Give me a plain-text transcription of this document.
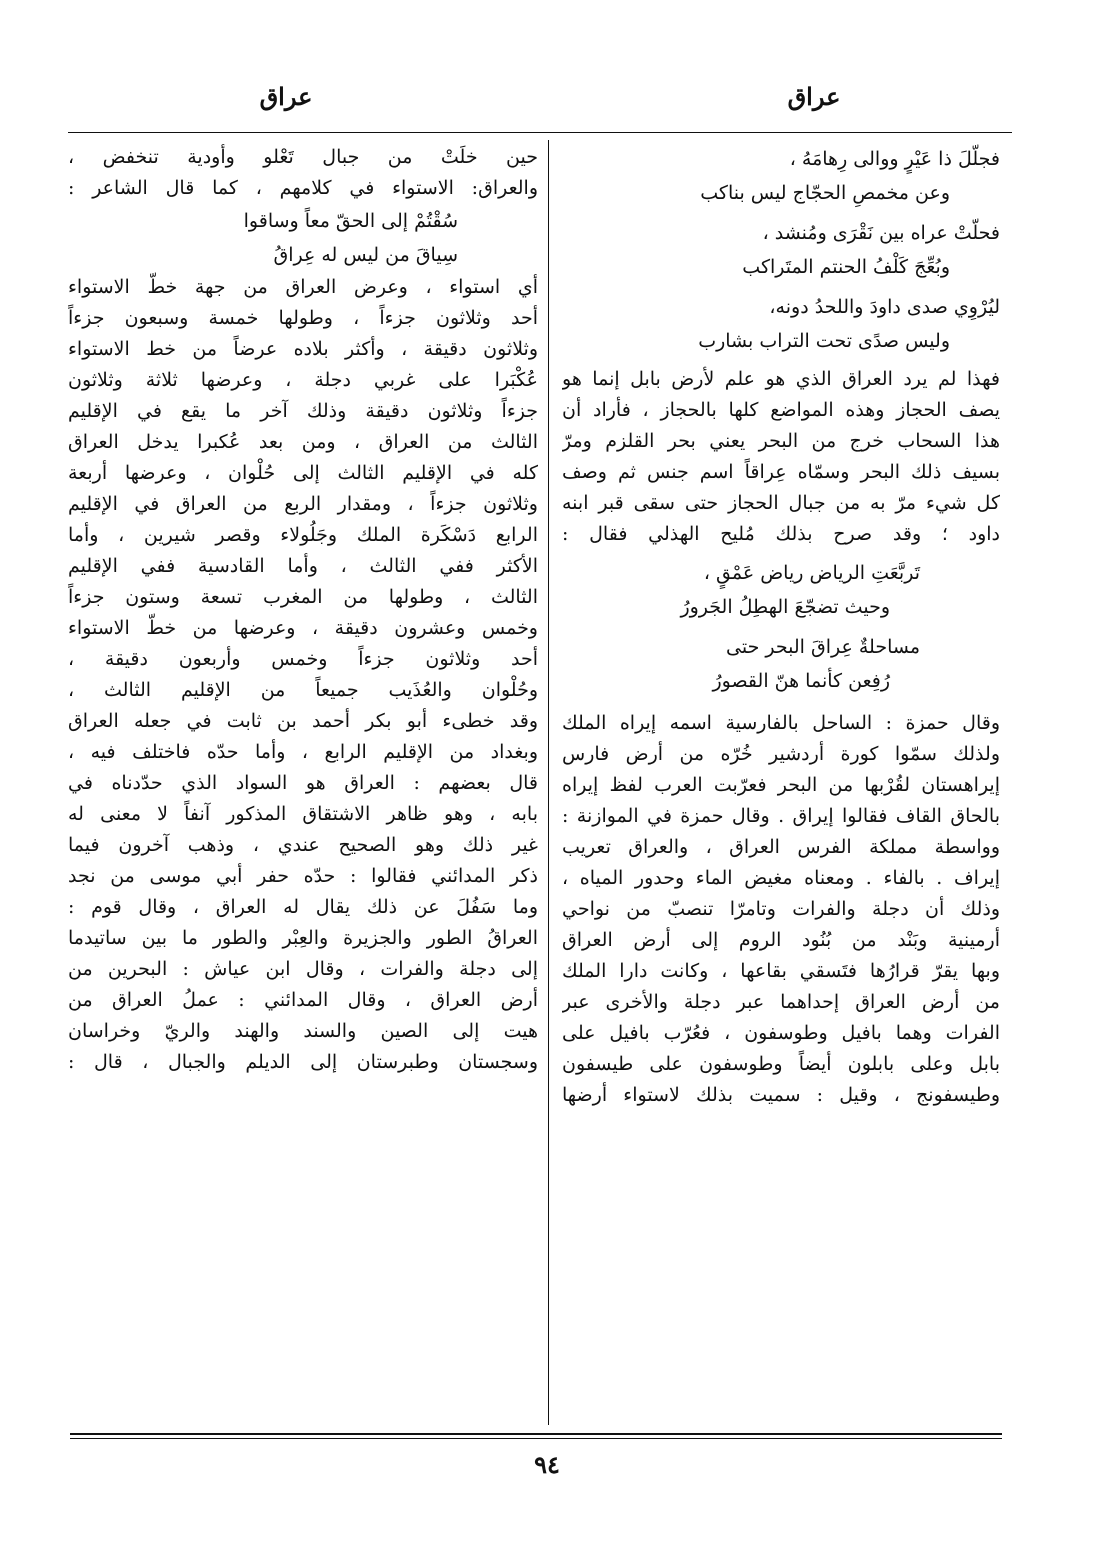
عراق
عراق
فجلّلَ ذا عَيْرٍ ووالى رِهامَهُ ،
وعن مخمصِ الحجّاج ليس بناكب
فحلّتْ عراه بين نَقْرَى ومُنشد ،
وبُعِّجَ كَلْفُ الحنتم المتَراكب
ليُرْوِي صدى داودَ واللحدُ دونه،
وليس صدًى تحت التراب بشارب
فهذا لم يرد العراق الذي هو علم لأرض بابل إنما هو
يصف الحجاز وهذه المواضع كلها بالحجاز ، فأراد أن
هذا السحاب خرج من البحر يعني بحر القلزم ومرّ
بسيف ذلك البحر وسمّاه عِراقاً اسم جنس ثم وصف
كل شيء مرّ به من جبال الحجاز حتى سقى قبر ابنه
داود ؛ وقد صرح بذلك مُليح الهذلي فقال :
تَربَّعَتِ الرياض رياض عَمْقٍ ،
وحيث تضجّعَ الهطِلُ الجَرورُ
مساحلةٌ عِراقَ البحر حتى
رُفِعن كأنما هنّ القصورُ
وقال حمزة : الساحل بالفارسية اسمه إيراه الملك
ولذلك سمّوا كورة أردشير خُرّه من أرض فارس
إيراهستان لقُرْبها من البحر فعرّبت العرب لفظ إيراه
بالحاق القاف فقالوا إيراق . وقال حمزة في الموازنة :
وواسطة مملكة الفرس العراق ، والعراق تعريب
إيراف . بالفاء . ومعناه مغيض الماء وحدور المياه ،
وذلك أن دجلة والفرات وتامرّا تنصبّ من نواحي
أرمينية وبَنْد من بُنُود الروم إلى أرض العراق
وبها يقرّ قرارُها فتَسقي بقاعها ، وكانت دارا الملك
من أرض العراق إحداهما عبر دجلة والأخرى عبر
الفرات وهما بافيل وطوسفون ، فعُرّب بافيل على
بابل وعلى بابلون أيضاً وطوسفون على طيسفون
وطيسفونج ، وقيل : سميت بذلك لاستواء أرضها
حين خلَتْ من جبال تَعْلو وأودية تنخفض ،
والعراق: الاستواء في كلامهم ، كما قال الشاعر :
سُقْتُمْ إلى الحقّ معاً وساقوا
سِياقَ من ليس له عِراقُ
أي استواء ، وعرض العراق من جهة خطّ الاستواء
أحد وثلاثون جزءاً ، وطولها خمسة وسبعون جزءاً
وثلاثون دقيقة ، وأكثر بلاده عرضاً من خط الاستواء
عُكْبَرا على غربي دجلة ، وعرضها ثلاثة وثلاثون
جزءاً وثلاثون دقيقة وذلك آخر ما يقع في الإقليم
الثالث من العراق ، ومن بعد عُكبرا يدخل العراق
كله في الإقليم الثالث إلى حُلْوان ، وعرضها أربعة
وثلاثون جزءاً ، ومقدار الربع من العراق في الإقليم
الرابع دَسْكَرة الملك وجَلُولاء وقصر شيرين ، وأما
الأكثر ففي الثالث ، وأما القادسية ففي الإقليم
الثالث ، وطولها من المغرب تسعة وستون جزءاً
وخمس وعشرون دقيقة ، وعرضها من خطّ الاستواء
أحد وثلاثون جزءاً وخمس وأربعون دقيقة ،
وحُلْوان والعُذَيب جميعاً من الإقليم الثالث ،
وقد خطىء أبو بكر أحمد بن ثابت في جعله العراق
وبغداد من الإقليم الرابع ، وأما حدّه فاختلف فيه ،
قال بعضهم : العراق هو السواد الذي حدّدناه في
بابه ، وهو ظاهر الاشتقاق المذكور آنفاً لا معنى له
غير ذلك وهو الصحيح عندي ، وذهب آخرون فيما
ذكر المدائني فقالوا : حدّه حفر أبي موسى من نجد
وما سَفُلَ عن ذلك يقال له العراق ، وقال قوم :
العراقُ الطور والجزيرة والعِبْر والطور ما بين ساتيدما
إلى دجلة والفرات ، وقال ابن عياش : البحرين من
أرض العراق ، وقال المدائني : عملُ العراق من
هيت إلى الصين والسند والهند والريّ وخراسان
وسجستان وطبرستان إلى الديلم والجبال ، قال :
٩٤
